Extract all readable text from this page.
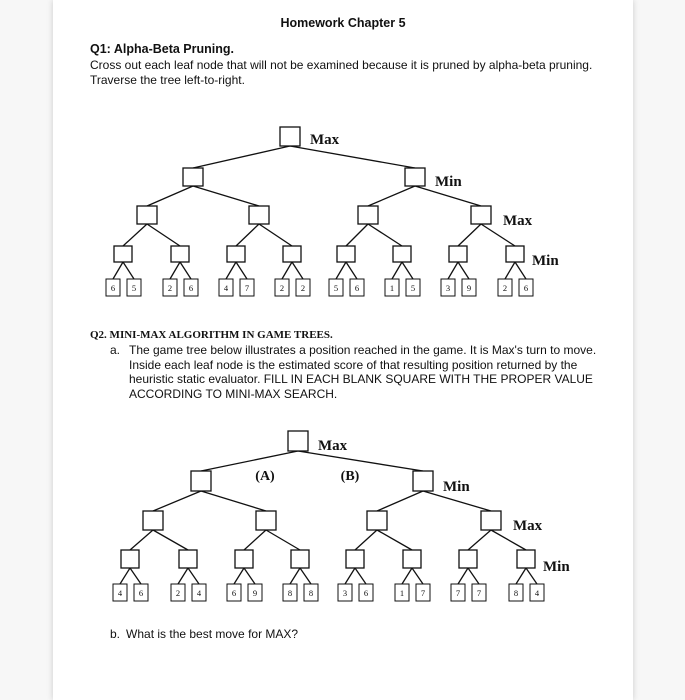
Homework Chapter 5
Q1: Alpha-Beta Pruning.
Cross out each leaf node that will not be examined because it is pruned by alpha-beta pruning. Traverse the tree left-to-right.
Q2. MINI-MAX ALGORITHM IN GAME TREES.
a. The game tree below illustrates a position reached in the game. It is Max's turn to move. Inside each leaf node is the estimated score of that resulting position returned by the heuristic static evaluator. FILL IN EACH BLANK SQUARE WITH THE PROPER VALUE ACCORDING TO MINI-MAX SEARCH.
b. What is the best move for MAX?
Max
Min
Max
Min
6 5	2 6	4 7	2 2	5 6	1 5	3 9	2 6
Max
Min
Max
Min
(A)	(B)
4 6	2 4	6 9	8 8	3 6	1 7	7 7	8 4
